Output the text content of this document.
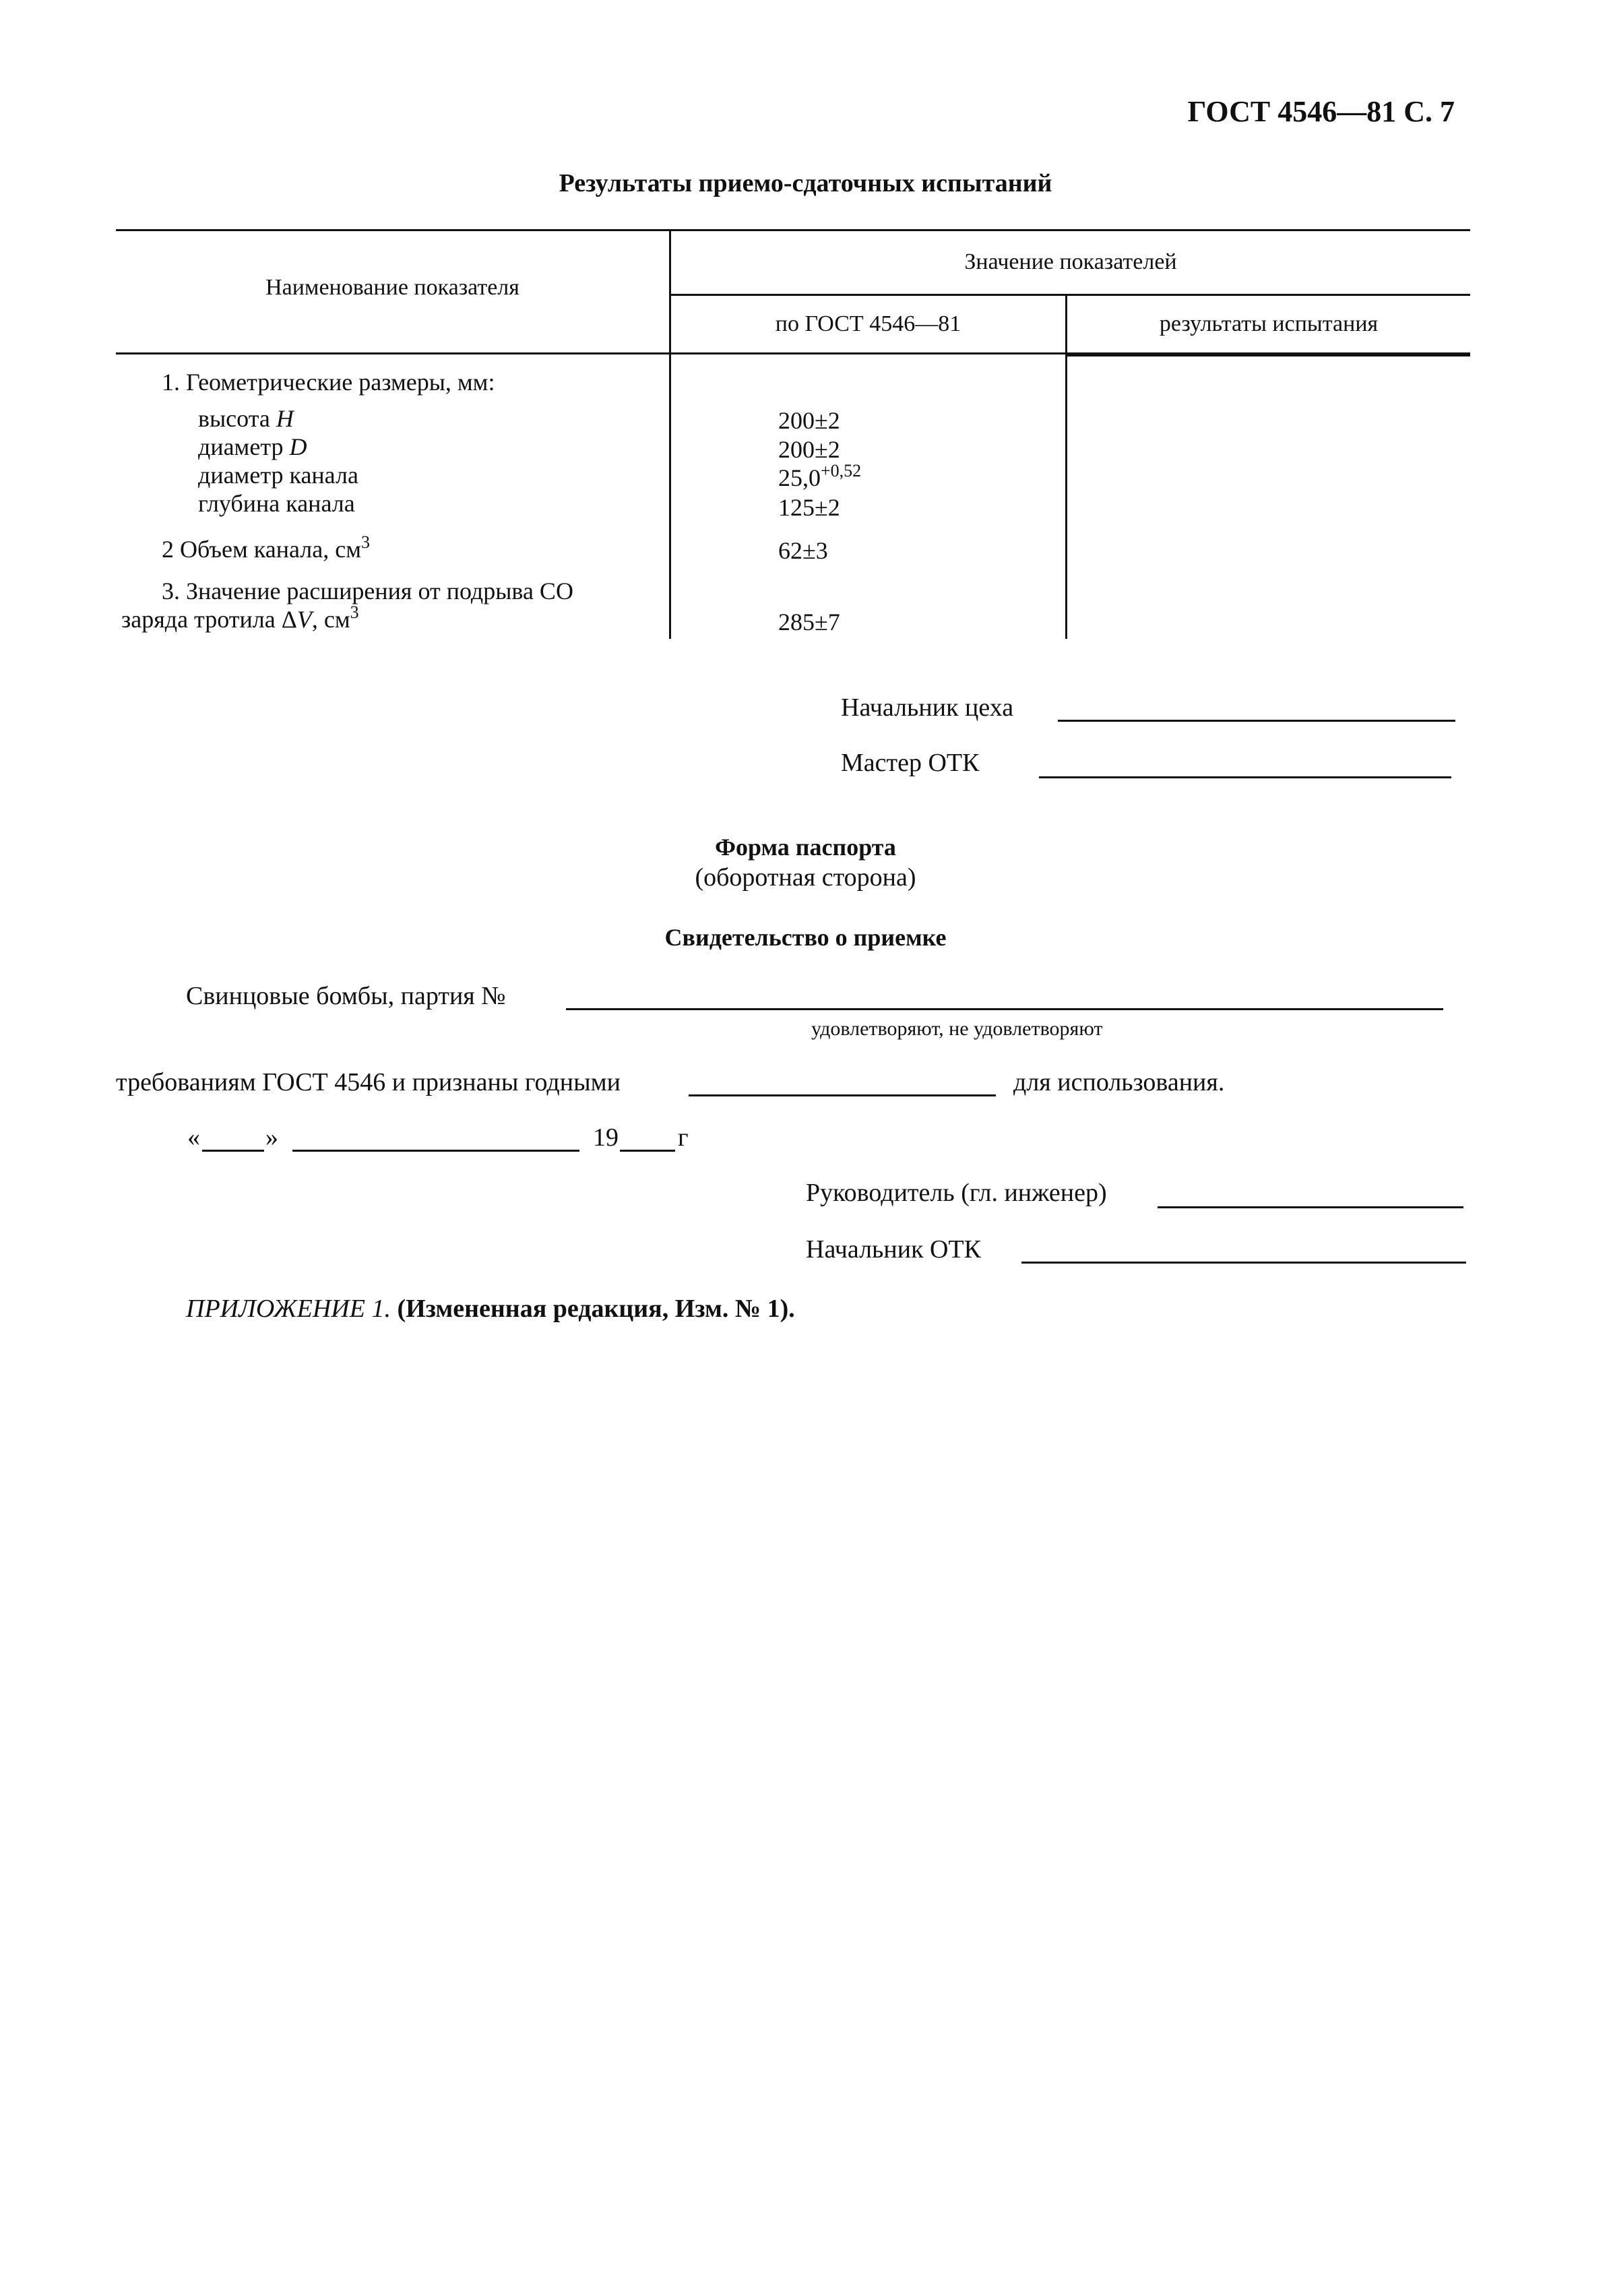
ГОСТ 4546—81 С. 7
Результаты приемо-сдаточных испытаний
Наименование показателя
Значение показателей
по ГОСТ 4546—81	результаты испытания
1. Геометрические размеры, мм:
высота H	200±2
диаметр D	200±2
диаметр канала	$25,0^{+0,52}$
глубина канала	125±2
2 Объем канала, $см^3$	62±3
3. Значение расширения от подрыва СО
заряда тротила ΔV, $см^3$	285±7
Начальник цеха
Мастер ОТК
Форма паспорта
(оборотная сторона)
Свидетельство о приемке
Свинцовые бомбы, партия №
удовлетворяют, не удовлетворяют
требованиям ГОСТ 4546 и признаны годными	для использования.
«	»	19 г
Руководитель (гл. инженер)
Начальник ОТК
ПРИЛОЖЕНИЕ 1. (Измененная редакция, Изм. № 1).
